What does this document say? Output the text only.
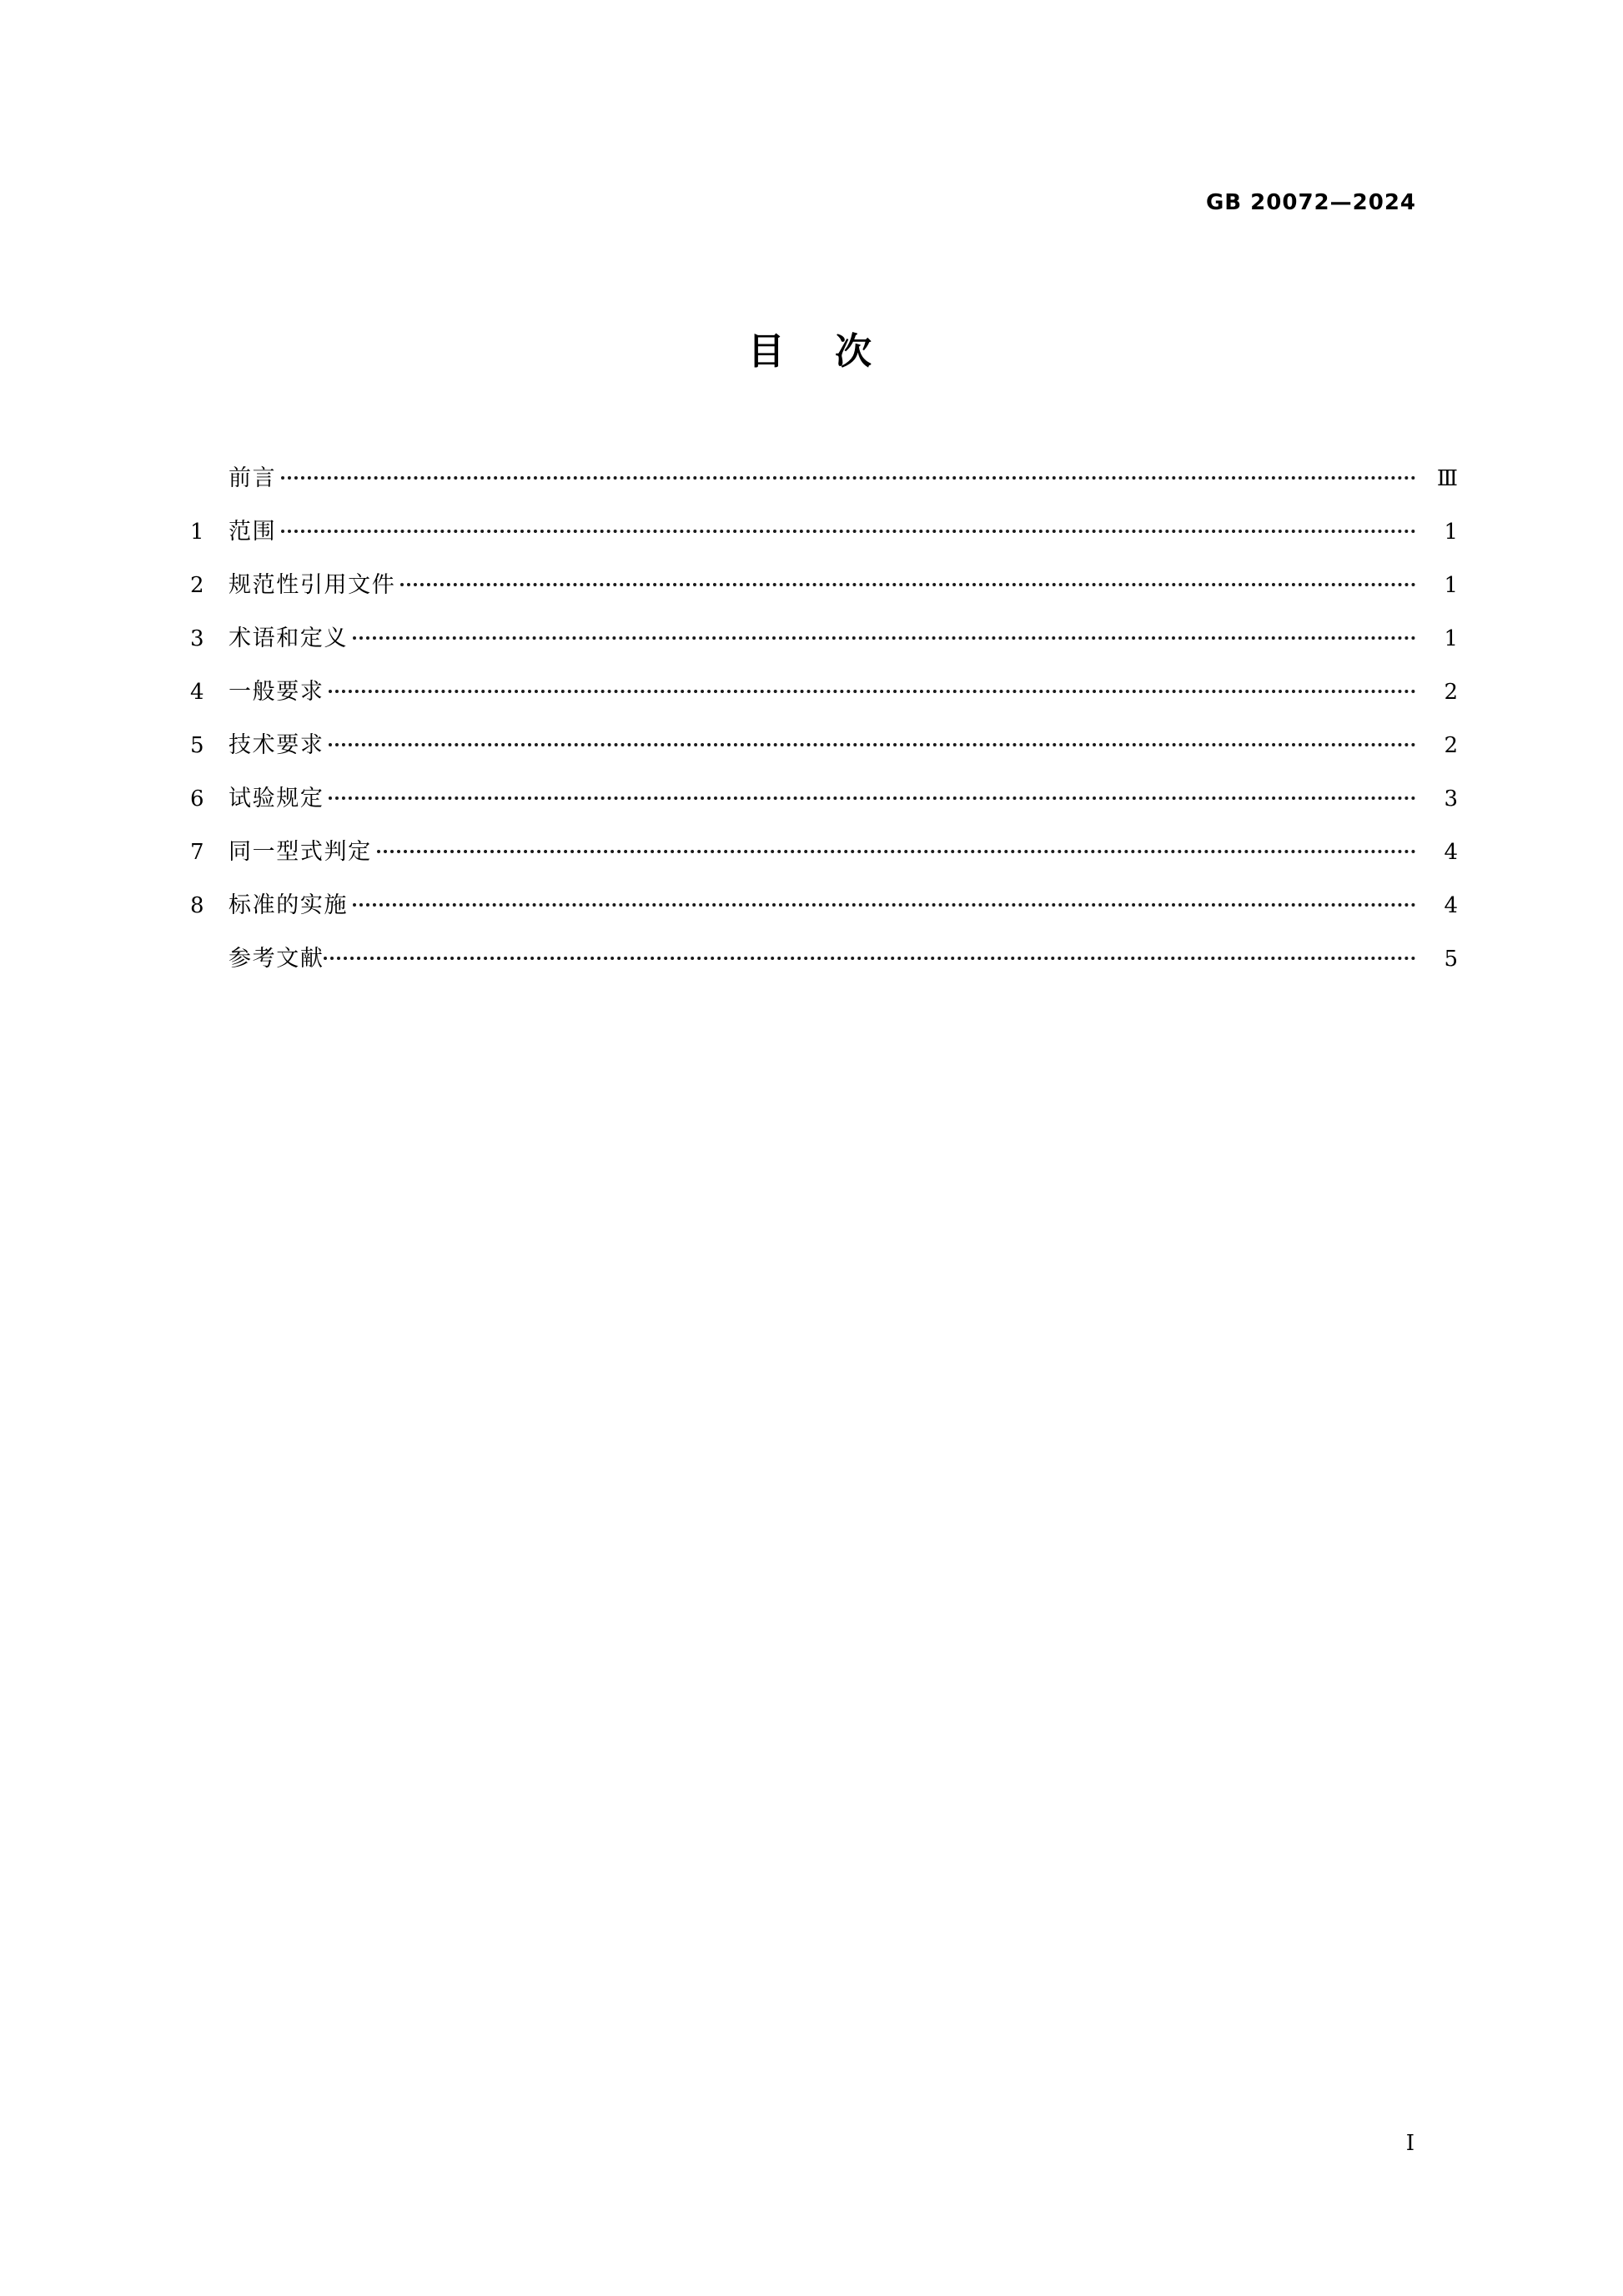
GB 20072—2024
目 次
前言	Ⅲ
1	范围	1
2	规范性引用文件	1
3	术语和定义	1
4	一般要求	2
5	技术要求	2
6	试验规定	3
7	同一型式判定	4
8	标准的实施	4
参考文献	5
Ⅰ
